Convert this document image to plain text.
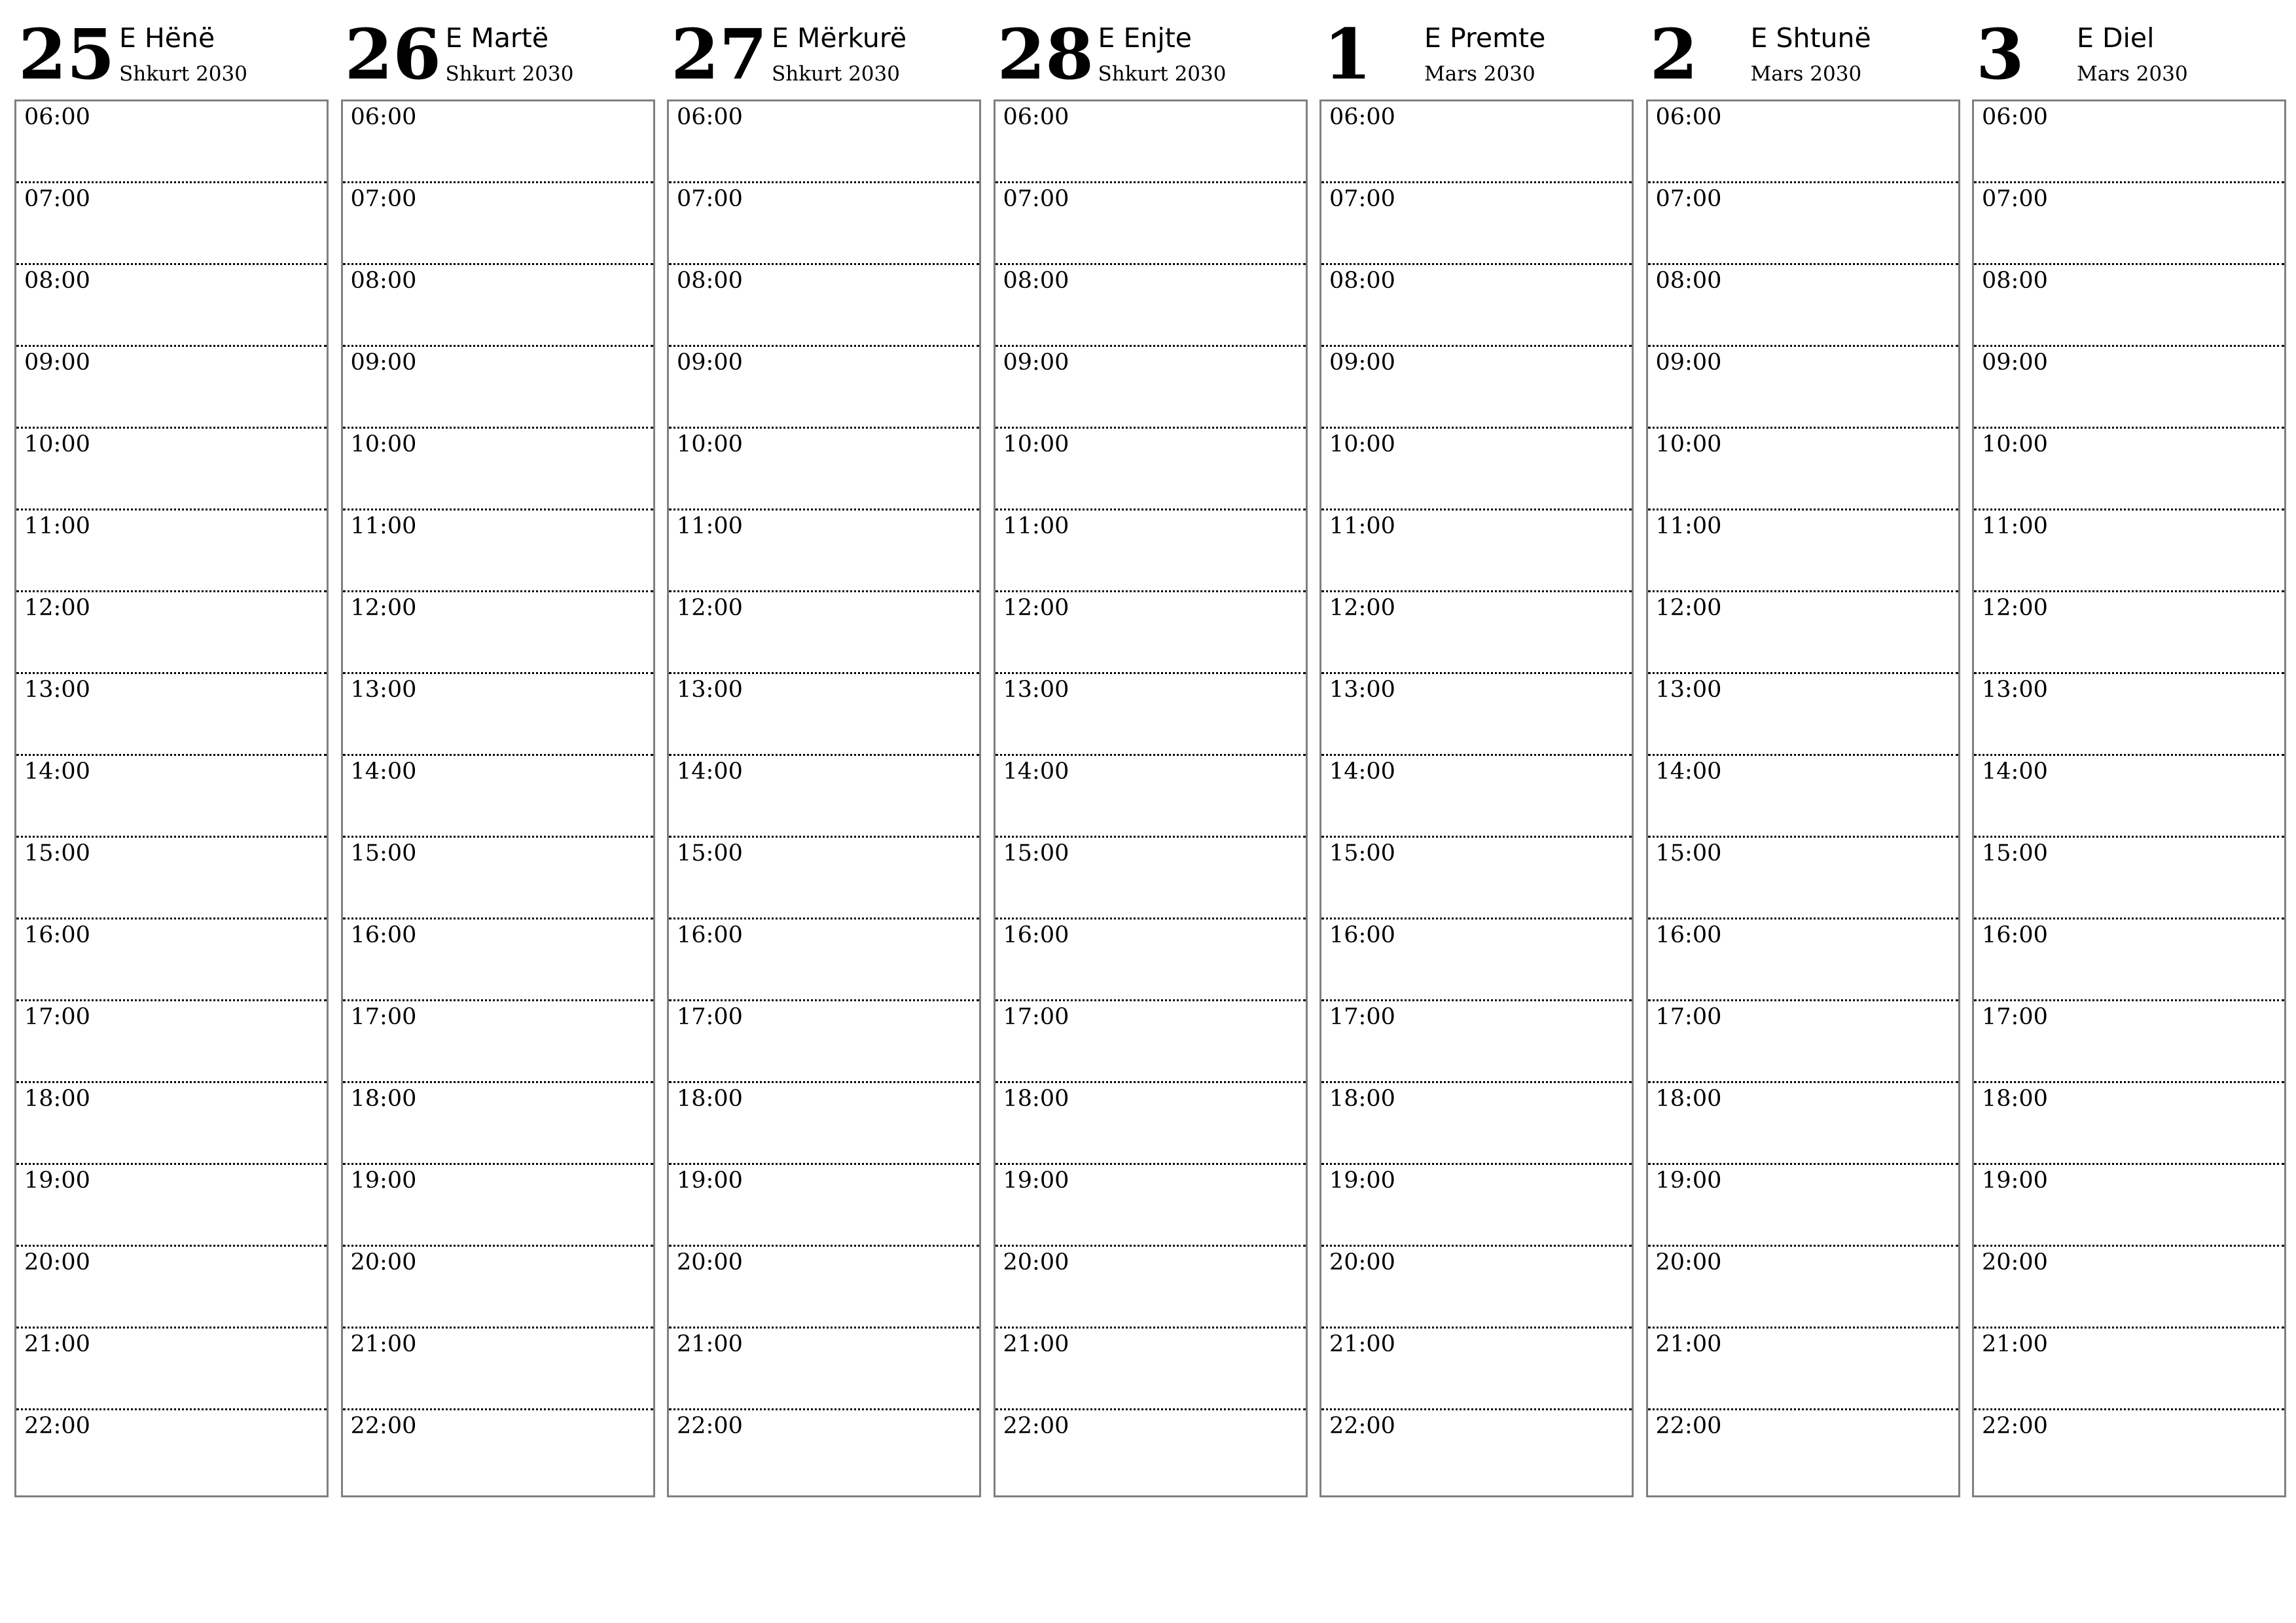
25 E Hënë
Shkurt 2030
06:00
07:00
08:00
09:00
10:00
11:00
12:00
13:00
14:00
15:00
16:00
17:00
18:00
19:00
20:00
21:00
22:00
26 E Martë
Shkurt 2030
06:00
07:00
08:00
09:00
10:00
11:00
12:00
13:00
14:00
15:00
16:00
17:00
18:00
19:00
20:00
21:00
22:00
27 E Mërkurë
Shkurt 2030
06:00
07:00
08:00
09:00
10:00
11:00
12:00
13:00
14:00
15:00
16:00
17:00
18:00
19:00
20:00
21:00
22:00
28 E Enjte
Shkurt 2030
06:00
07:00
08:00
09:00
10:00
11:00
12:00
13:00
14:00
15:00
16:00
17:00
18:00
19:00
20:00
21:00
22:00
1 E Premte
Mars 2030
06:00
07:00
08:00
09:00
10:00
11:00
12:00
13:00
14:00
15:00
16:00
17:00
18:00
19:00
20:00
21:00
22:00
2 E Shtunë
Mars 2030
06:00
07:00
08:00
09:00
10:00
11:00
12:00
13:00
14:00
15:00
16:00
17:00
18:00
19:00
20:00
21:00
22:00
3 E Diel
Mars 2030
06:00
07:00
08:00
09:00
10:00
11:00
12:00
13:00
14:00
15:00
16:00
17:00
18:00
19:00
20:00
21:00
22:00
